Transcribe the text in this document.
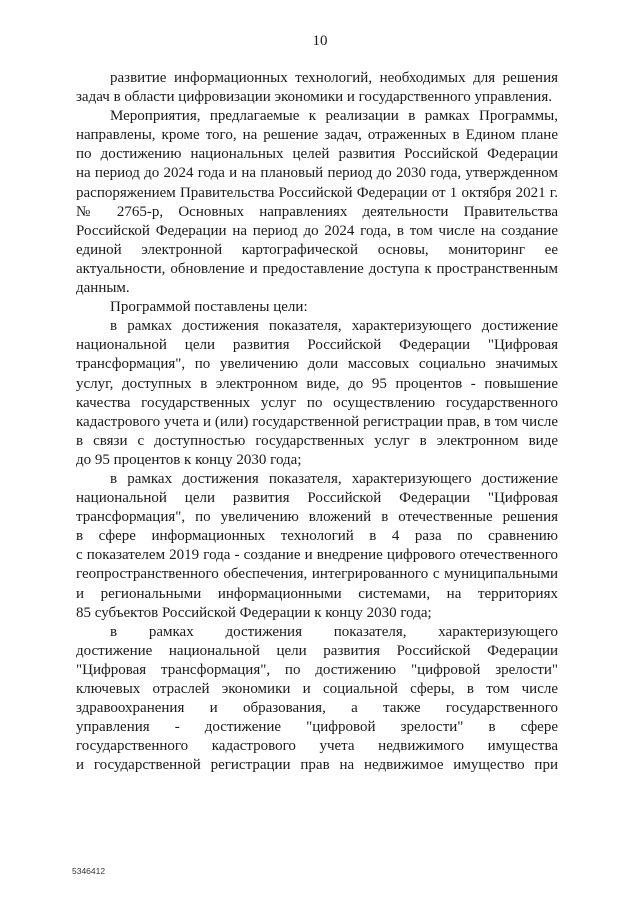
10
развитие информационных технологий, необходимых для решения
задач в области цифровизации экономики и государственного управления.
Мероприятия, предлагаемые к реализации в рамках Программы,
направлены, кроме того, на решение задач, отраженных в Едином плане
по достижению национальных целей развития Российской Федерации
на период до 2024 года и на плановый период до 2030 года, утвержденном
распоряжением Правительства Российской Федерации от 1 октября 2021 г.
№ 2765-р, Основных направлениях деятельности Правительства
Российской Федерации на период до 2024 года, в том числе на создание
единой электронной картографической основы, мониторинг ее
актуальности, обновление и предоставление доступа к пространственным
данным.
Программой поставлены цели:
в рамках достижения показателя, характеризующего достижение
национальной цели развития Российской Федерации "Цифровая
трансформация", по увеличению доли массовых социально значимых
услуг, доступных в электронном виде, до 95 процентов - повышение
качества государственных услуг по осуществлению государственного
кадастрового учета и (или) государственной регистрации прав, в том числе
в связи с доступностью государственных услуг в электронном виде
до 95 процентов к концу 2030 года;
в рамках достижения показателя, характеризующего достижение
национальной цели развития Российской Федерации "Цифровая
трансформация", по увеличению вложений в отечественные решения
в сфере информационных технологий в 4 раза по сравнению
с показателем 2019 года - создание и внедрение цифрового отечественного
геопространственного обеспечения, интегрированного с муниципальными
и региональными информационными системами, на территориях
85 субъектов Российской Федерации к концу 2030 года;
в рамках достижения показателя, характеризующего
достижение национальной цели развития Российской Федерации
"Цифровая трансформация", по достижению "цифровой зрелости"
ключевых отраслей экономики и социальной сферы, в том числе
здравоохранения и образования, а также государственного
управления - достижение "цифровой зрелости" в сфере
государственного кадастрового учета недвижимого имущества
и государственной регистрации прав на недвижимое имущество при
5346412
